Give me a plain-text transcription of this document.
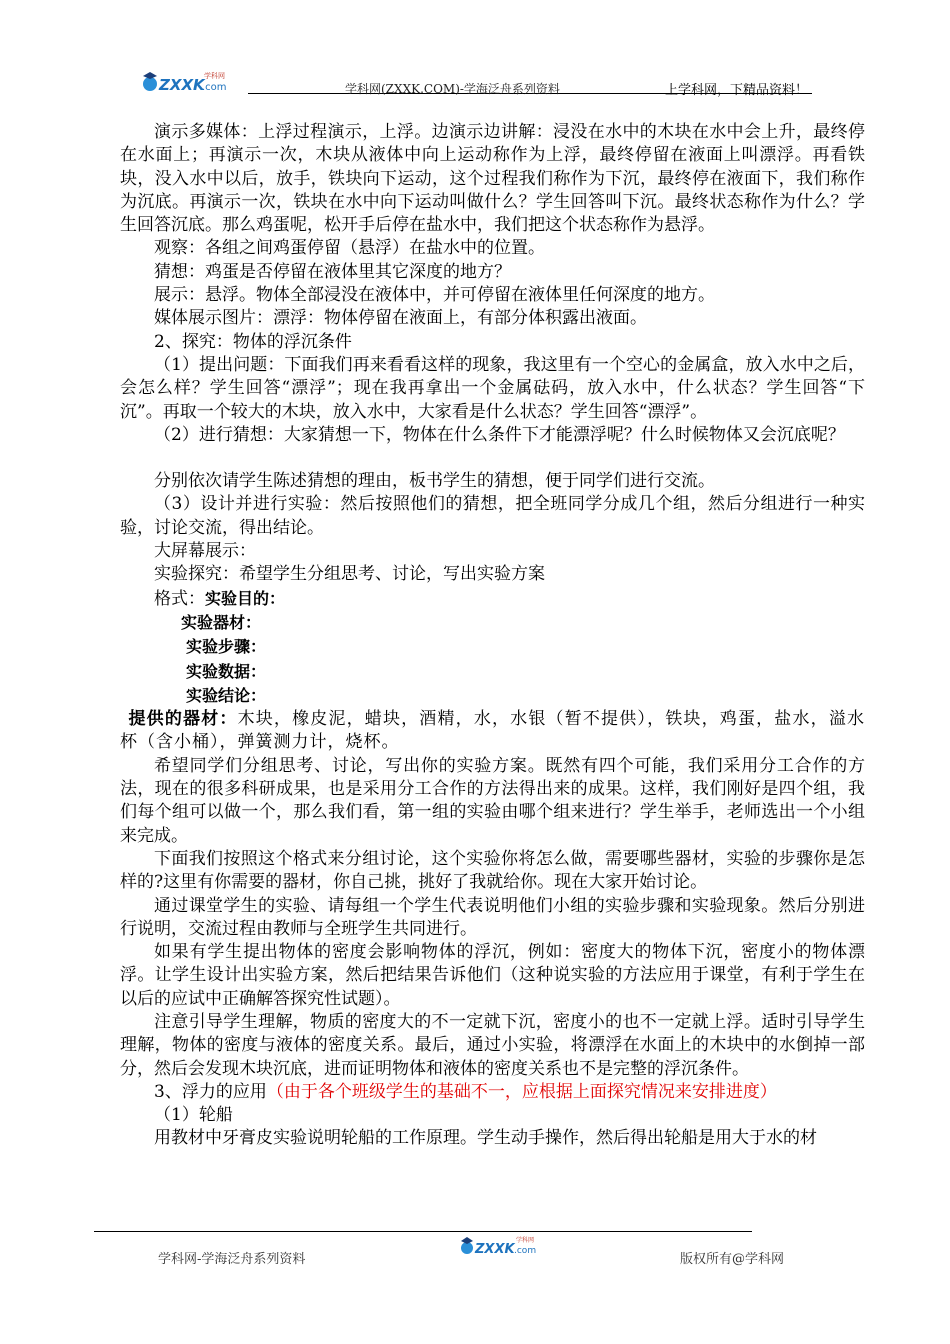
ZXXK
.com
学科网
学科网(ZXXK.COM)-学海泛舟系列资料	上学科网，下精品资料！

演示多媒体：上浮过程演示，上浮。边演示边讲解：浸没在水中的木块在水中会上升，最终停在水面上；再演示一次，木块从液体中向上运动称作为上浮，最终停留在液面上叫漂浮。再看铁块，没入水中以后，放手，铁块向下运动，这个过程我们称作为下沉，最终停在液面下，我们称作为沉底。再演示一次，铁块在水中向下运动叫做什么？学生回答叫下沉。最终状态称作为什么？学生回答沉底。那么鸡蛋呢，松开手后停在盐水中，我们把这个状态称作为悬浮。

观察：各组之间鸡蛋停留（悬浮）在盐水中的位置。

猜想：鸡蛋是否停留在液体里其它深度的地方？

展示：悬浮。物体全部浸没在液体中，并可停留在液体里任何深度的地方。

媒体展示图片：漂浮：物体停留在液面上，有部分体积露出液面。

2、探究：物体的浮沉条件

（1）提出问题：下面我们再来看看这样的现象，我这里有一个空心的金属盒，放入水中之后，会怎么样？学生回答“漂浮”；现在我再拿出一个金属砝码，放入水中，什么状态？学生回答“下沉”。再取一个较大的木块，放入水中，大家看是什么状态？学生回答“漂浮”。

（2）进行猜想：大家猜想一下，物体在什么条件下才能漂浮呢？什么时候物体又会沉底呢？

分别依次请学生陈述猜想的理由，板书学生的猜想，便于同学们进行交流。

（3）设计并进行实验：然后按照他们的猜想，把全班同学分成几个组，然后分组进行一种实验，讨论交流，得出结论。

大屏幕展示：

实验探究：希望学生分组思考、讨论，写出实验方案

格式：实验目的：
实验器材：
实验步骤：
实验数据：
实验结论：

提供的器材：木块，橡皮泥，蜡块，酒精，水，水银（暂不提供），铁块，鸡蛋，盐水，溢水杯（含小桶），弹簧测力计，烧杯。

希望同学们分组思考、讨论，写出你的实验方案。既然有四个可能，我们采用分工合作的方法，现在的很多科研成果，也是采用分工合作的方法得出来的成果。这样，我们刚好是四个组，我们每个组可以做一个，那么我们看，第一组的实验由哪个组来进行？学生举手，老师选出一个小组来完成。

下面我们按照这个格式来分组讨论，这个实验你将怎么做，需要哪些器材，实验的步骤你是怎样的?这里有你需要的器材，你自己挑，挑好了我就给你。现在大家开始讨论。

通过课堂学生的实验、请每组一个学生代表说明他们小组的实验步骤和实验现象。然后分别进行说明，交流过程由教师与全班学生共同进行。

如果有学生提出物体的密度会影响物体的浮沉，例如：密度大的物体下沉，密度小的物体漂浮。让学生设计出实验方案，然后把结果告诉他们（这种说实验的方法应用于课堂，有利于学生在以后的应试中正确解答探究性试题）。

注意引导学生理解，物质的密度大的不一定就下沉，密度小的也不一定就上浮。适时引导学生理解，物体的密度与液体的密度关系。最后，通过小实验，将漂浮在水面上的木块中的水倒掉一部分，然后会发现木块沉底，进而证明物体和液体的密度关系也不是完整的浮沉条件。

3、浮力的应用（由于各个班级学生的基础不一，应根据上面探究情况来安排进度）

（1）轮船

用教材中牙膏皮实验说明轮船的工作原理。学生动手操作，然后得出轮船是用大于水的材

学科网-学海泛舟系列资料
ZXXK .com
学科网
版权所有@学科网
